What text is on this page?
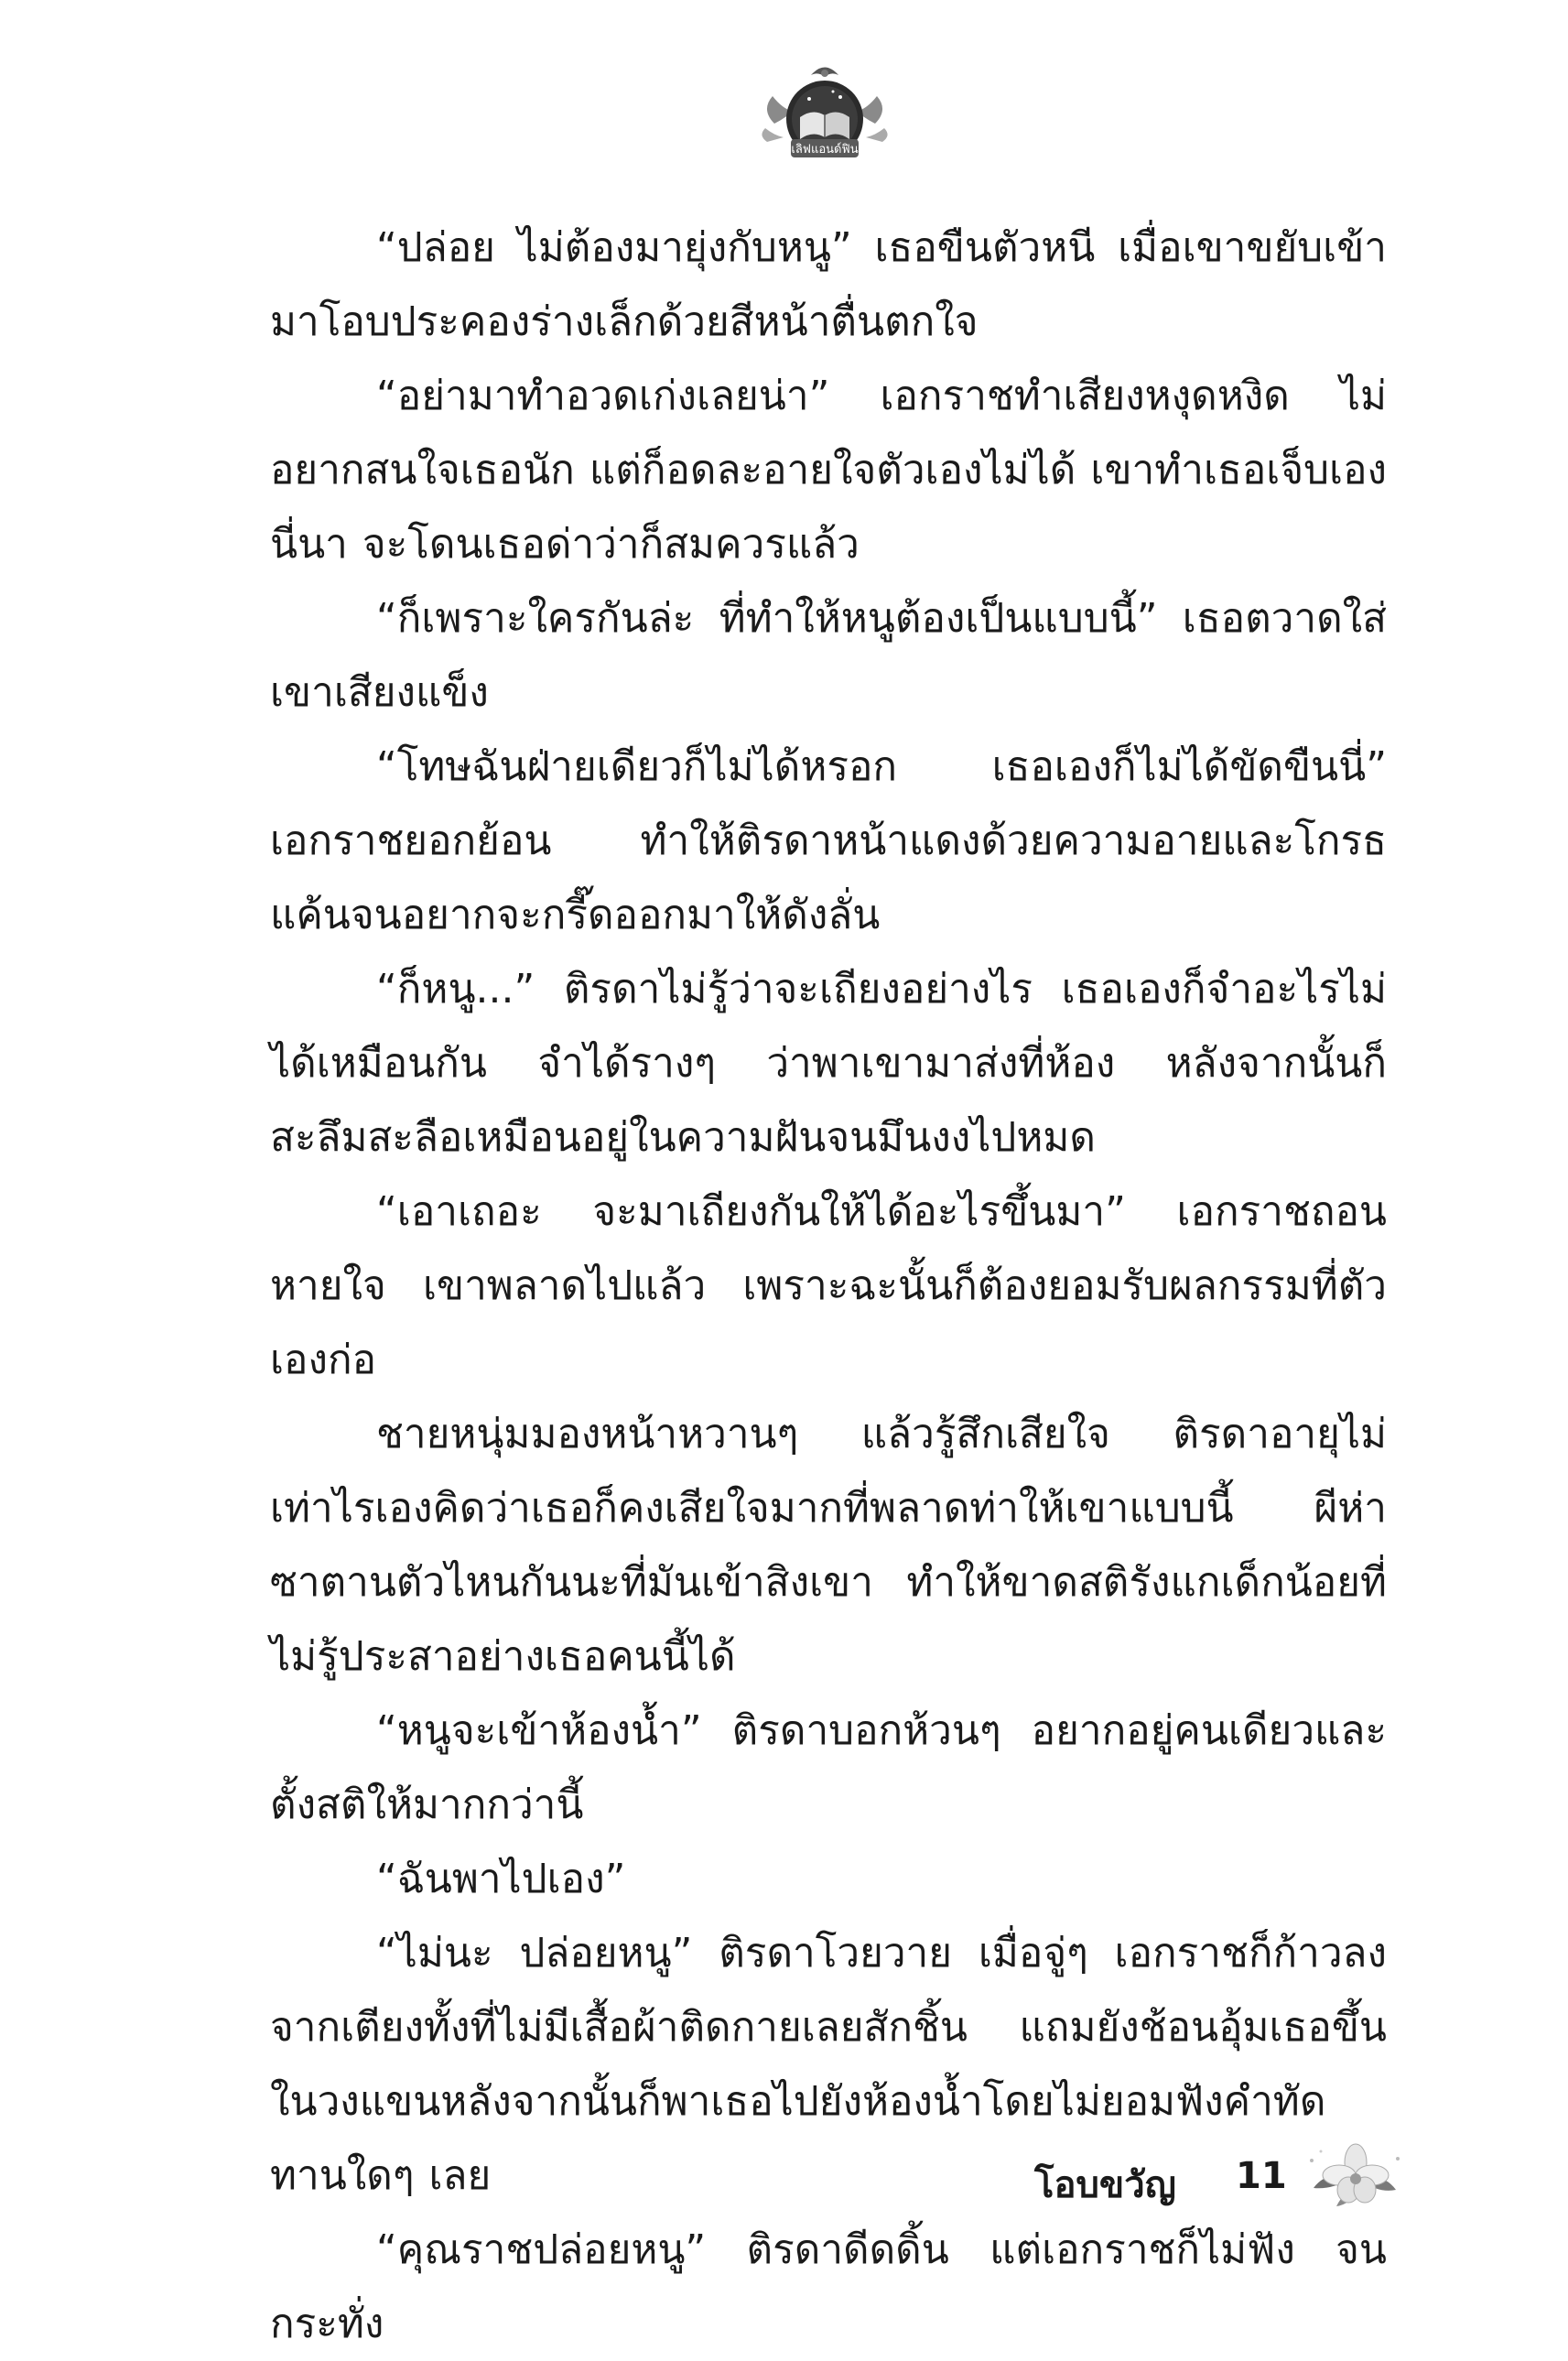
เลิฟแอนด์ฟิน

“ปล่อย ไม่ต้องมายุ่งกับหนู” เธอขืนตัวหนี เมื่อเขาขยับเข้ามาโอบประคองร่างเล็กด้วยสีหน้าตื่นตกใจ

“อย่ามาทำอวดเก่งเลยน่า” เอกราชทำเสียงหงุดหงิด ไม่อยากสนใจเธอนัก แต่ก็อดละอายใจตัวเองไม่ได้ เขาทำเธอเจ็บเองนี่นา จะโดนเธอด่าว่าก็สมควรแล้ว

“ก็เพราะใครกันล่ะ ที่ทำให้หนูต้องเป็นแบบนี้” เธอตวาดใส่เขาเสียงแข็ง

“โทษฉันฝ่ายเดียวก็ไม่ได้หรอก เธอเองก็ไม่ได้ขัดขืนนี่” เอกราชยอกย้อน ทำให้ติรดาหน้าแดงด้วยความอายและโกรธแค้นจนอยากจะกรี๊ดออกมาให้ดังลั่น

“ก็หนู...” ติรดาไม่รู้ว่าจะเถียงอย่างไร เธอเองก็จำอะไรไม่ได้เหมือนกัน จำได้รางๆ ว่าพาเขามาส่งที่ห้อง หลังจากนั้นก็สะลึมสะลือเหมือนอยู่ในความฝันจนมึนงงไปหมด

“เอาเถอะ จะมาเถียงกันให้ได้อะไรขึ้นมา” เอกราชถอนหายใจ เขาพลาดไปแล้ว เพราะฉะนั้นก็ต้องยอมรับผลกรรมที่ตัวเองก่อ

ชายหนุ่มมองหน้าหวานๆ แล้วรู้สึกเสียใจ ติรดาอายุไม่เท่าไรเองคิดว่าเธอก็คงเสียใจมากที่พลาดท่าให้เขาแบบนี้ ผีห่าซาตานตัวไหนกันนะที่มันเข้าสิงเขา ทำให้ขาดสติรังแกเด็กน้อยที่ไม่รู้ประสาอย่างเธอคนนี้ได้

“หนูจะเข้าห้องน้ำ” ติรดาบอกห้วนๆ อยากอยู่คนเดียวและตั้งสติให้มากกว่านี้

“ฉันพาไปเอง”

“ไม่นะ ปล่อยหนู” ติรดาโวยวาย เมื่อจู่ๆ เอกราชก็ก้าวลงจากเตียงทั้งที่ไม่มีเสื้อผ้าติดกายเลยสักชิ้น แถมยังช้อนอุ้มเธอขึ้นในวงแขนหลังจากนั้นก็พาเธอไปยังห้องน้ำโดยไม่ยอมฟังคำทัดทานใดๆ เลย

“คุณราชปล่อยหนู” ติรดาดีดดิ้น แต่เอกราชก็ไม่ฟัง จนกระทั่ง

โอบขวัญ 11
